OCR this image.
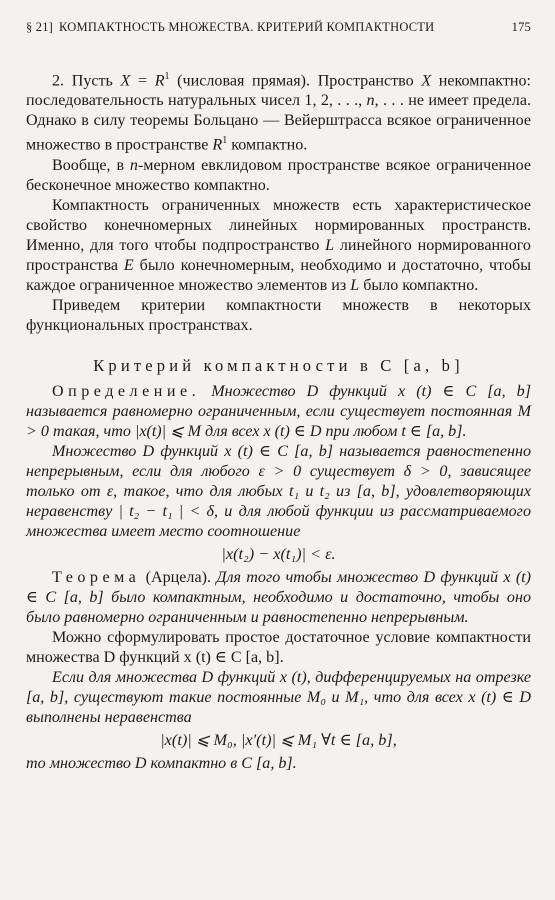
§ 21] КОМПАКТНОСТЬ МНОЖЕСТВА. КРИТЕРИЙ КОМПАКТНОСТИ	175

2. Пусть $X = R^1$ (числовая прямая). Пространство X некомпактно: последовательность натуральных чисел 1, 2, . . ., n, . . . не имеет предела. Однако в силу теоремы Больцано — Вейерштрасса всякое ограниченное множество в пространстве $R^1$ компактно.

Вообще, в n-мерном евклидовом пространстве всякое ограниченное бесконечное множество компактно.

Компактность ограниченных множеств есть характеристическое свойство конечномерных линейных нормированных пространств. Именно, для того чтобы подпространство L линейного нормированного пространства E было конечномерным, необходимо и достаточно, чтобы каждое ограниченное множество элементов из L было компактно.

Приведем критерии компактности множеств в некоторых функциональных пространствах.

Критерий компактности в C [a, b]

Определение. Множество D функций x (t) ∈ C [a, b] называется равномерно ограниченным, если существует постоянная M > 0 такая, что |x(t)| ⩽ M для всех x (t) ∈ D при любом t ∈ [a, b].

Множество D функций x (t) ∈ C [a, b] называется равностепенно непрерывным, если для любого ε > 0 существует δ > 0, зависящее только от ε, такое, что для любых t₁ и t₂ из [a, b], удовлетворяющих неравенству | t₂ − t₁ | < δ, и для любой функции из рассматриваемого множества имеет место соотношение

|x(t₂) − x(t₁)| < ε.

Теорема (Арцела). Для того чтобы множество D функций x (t) ∈ C [a, b] было компактным, необходимо и достаточно, чтобы оно было равномерно ограниченным и равностепенно непрерывным.

Можно сформулировать простое достаточное условие компактности множества D функций x (t) ∈ C [a, b].

Если для множества D функций x (t), дифференцируемых на отрезке [a, b], существуют такие постоянные M₀ и M₁, что для всех x (t) ∈ D выполнены неравенства

|x(t)| ⩽ M₀, |x′(t)| ⩽ M₁ ∀t ∈ [a, b],

то множество D компактно в C [a, b].
